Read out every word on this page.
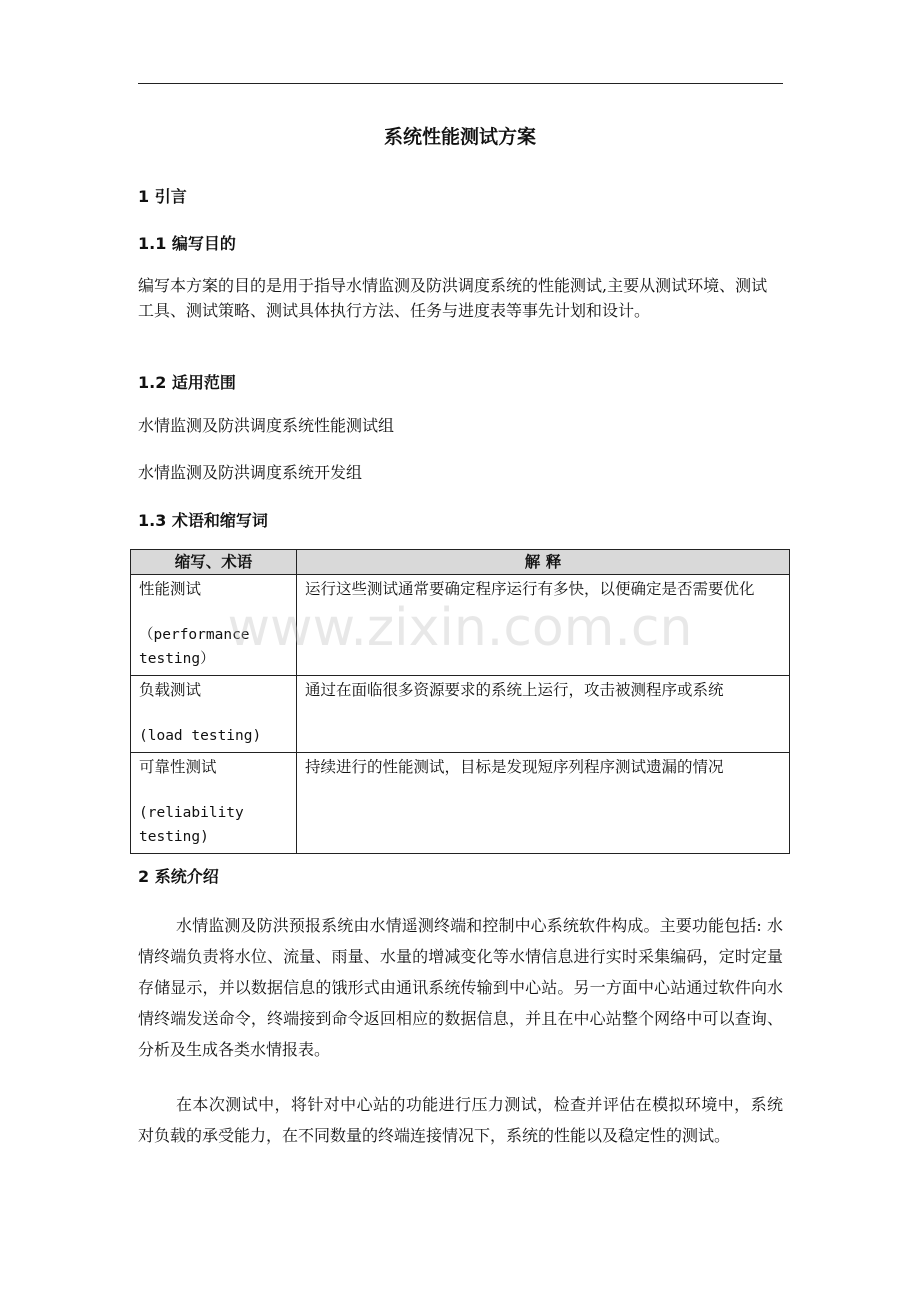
系统性能测试方案
1 引言
1.1 编写目的

编写本方案的目的是用于指导水情监测及防洪调度系统的性能测试,主要从测试环境、测试工具、测试策略、测试具体执行方法、任务与进度表等事先计划和设计。

1.2 适用范围

水情监测及防洪调度系统性能测试组

水情监测及防洪调度系统开发组

1.3 术语和缩写词
缩写、术语	解 释

性能测试
（performance testing）	运行这些测试通常要确定程序运行有多快，以便确定是否需要优化

负载测试
(load testing)	通过在面临很多资源要求的系统上运行，攻击被测程序或系统

可靠性测试
(reliability testing)	持续进行的性能测试，目标是发现短序列程序测试遗漏的情况
2 系统介绍

水情监测及防洪预报系统由水情遥测终端和控制中心系统软件构成。主要功能包括: 水情终端负责将水位、流量、雨量、水量的增减变化等水情信息进行实时采集编码，定时定量存储显示，并以数据信息的饿形式由通讯系统传输到中心站。另一方面中心站通过软件向水情终端发送命令，终端接到命令返回相应的数据信息，并且在中心站整个网络中可以查询、分析及生成各类水情报表。

在本次测试中，将针对中心站的功能进行压力测试，检查并评估在模拟环境中，系统对负载的承受能力，在不同数量的终端连接情况下，系统的性能以及稳定性的测试。

www.zixin.com.cn
